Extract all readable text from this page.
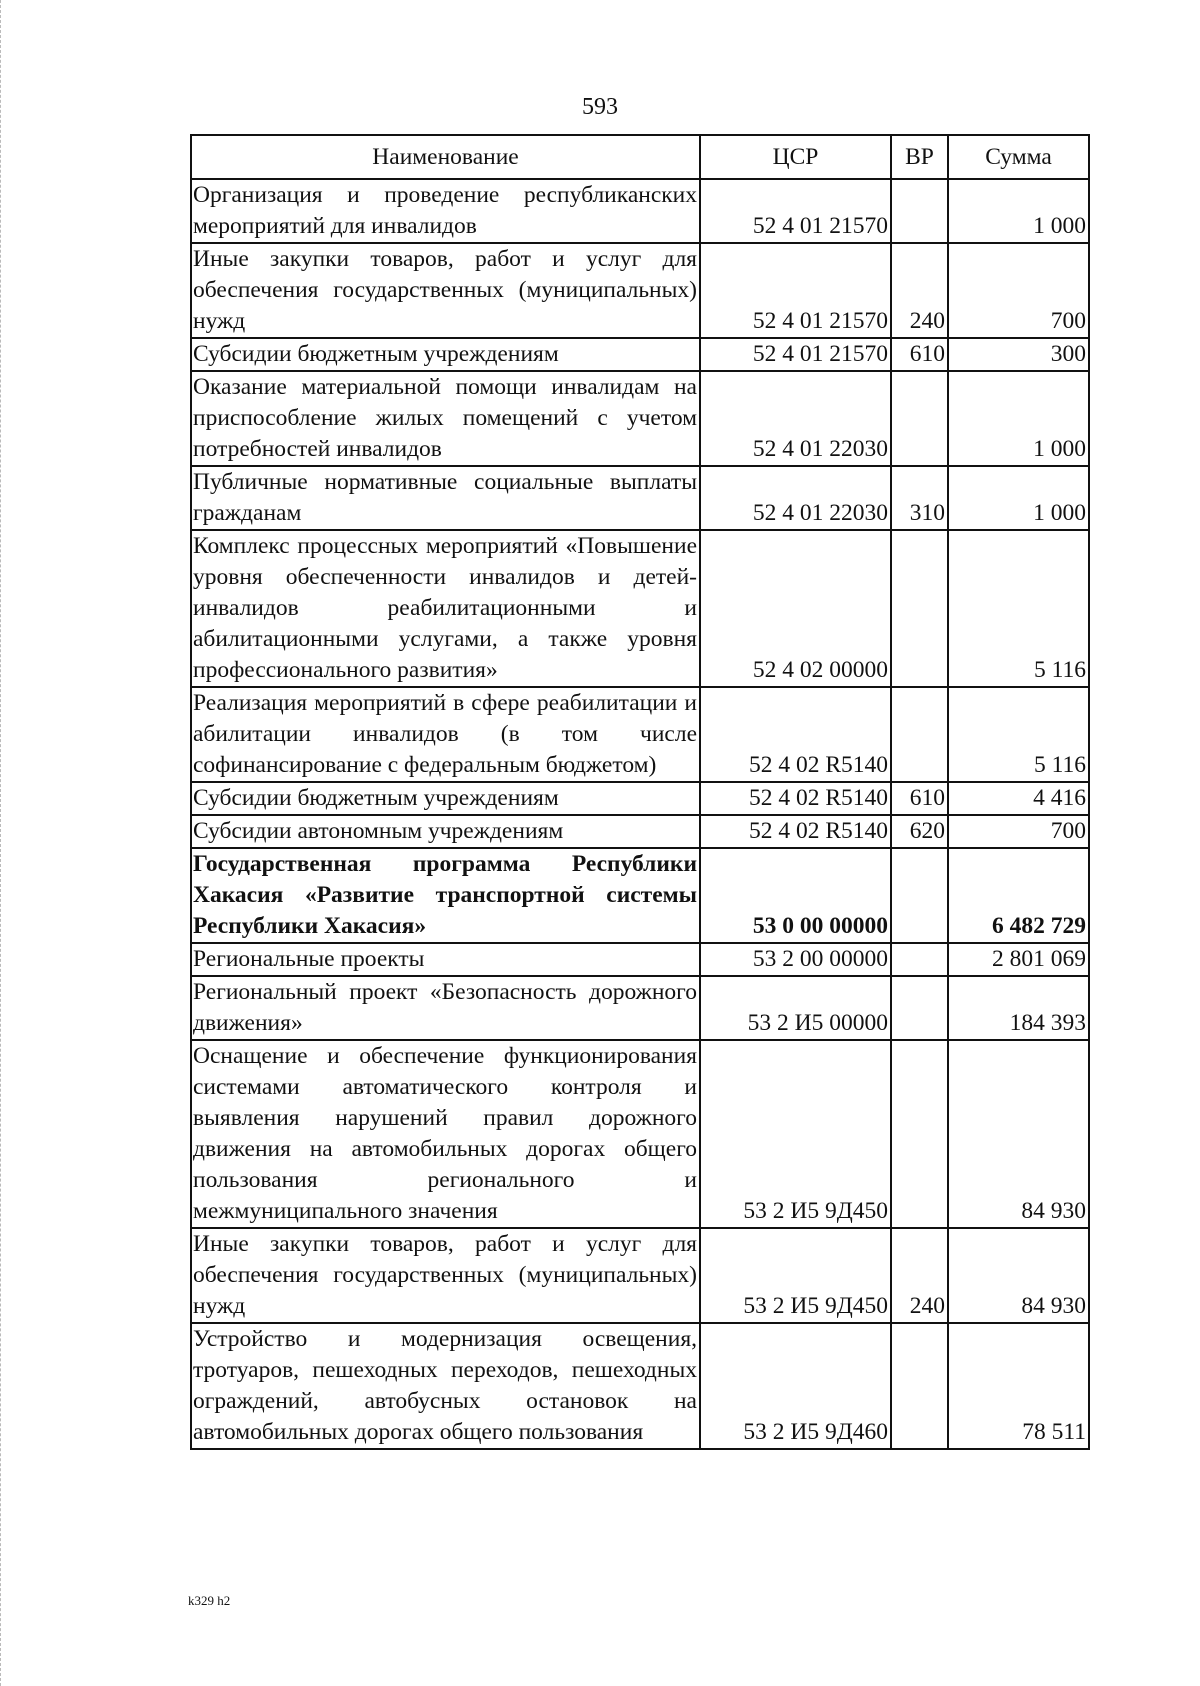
593
Наименование	ЦСР	ВР	Сумма
Организация и проведение республиканских мероприятий для инвалидов	52 4 01 21570		1 000
Иные закупки товаров, работ и услуг для обеспечения государственных (муниципальных) нужд	52 4 01 21570	240	700
Субсидии бюджетным учреждениям	52 4 01 21570	610	300
Оказание материальной помощи инвалидам на приспособление жилых помещений с учетом потребностей инвалидов	52 4 01 22030		1 000
Публичные нормативные социальные выплаты гражданам	52 4 01 22030	310	1 000
Комплекс процессных мероприятий «Повышение уровня обеспеченности инвалидов и детей-инвалидов реабилитационными и абилитационными услугами, а также уровня профессионального развития»	52 4 02 00000		5 116
Реализация мероприятий в сфере реабилитации и абилитации инвалидов (в том числе софинансирование с федеральным бюджетом)	52 4 02 R5140		5 116
Субсидии бюджетным учреждениям	52 4 02 R5140	610	4 416
Субсидии автономным учреждениям	52 4 02 R5140	620	700
Государственная программа Республики Хакасия «Развитие транспортной системы Республики Хакасия»	53 0 00 00000		6 482 729
Региональные проекты	53 2 00 00000		2 801 069
Региональный проект «Безопасность дорожного движения»	53 2 И5 00000		184 393
Оснащение и обеспечение функционирования системами автоматического контроля и выявления нарушений правил дорожного движения на автомобильных дорогах общего пользования регионального и межмуниципального значения	53 2 И5 9Д450		84 930
Иные закупки товаров, работ и услуг для обеспечения государственных (муниципальных) нужд	53 2 И5 9Д450	240	84 930
Устройство и модернизация освещения, тротуаров, пешеходных переходов, пешеходных ограждений, автобусных остановок на автомобильных дорогах общего пользования	53 2 И5 9Д460		78 511
k329 h2
